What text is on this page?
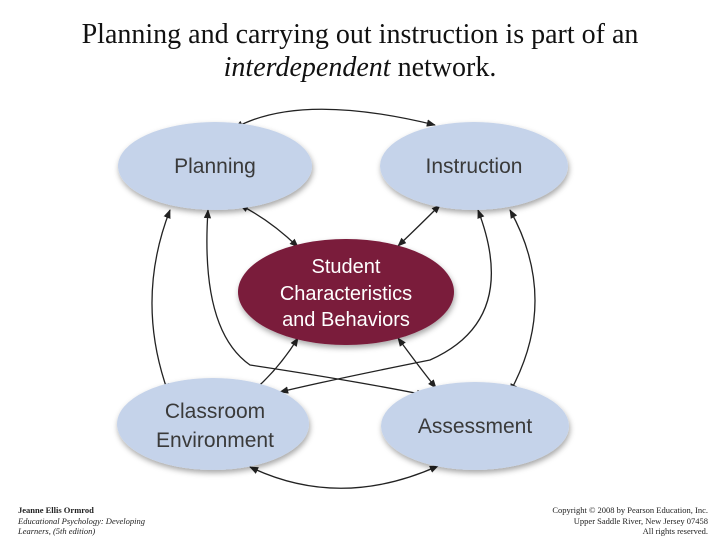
Planning and carrying out instruction is part of an
interdependent network.
Planning	Instruction
Classroom
Environment
Assessment
Student
Characteristics
and Behaviors
Jeanne Ellis Ormrod
Educational Psychology: Developing
Learners, (5th edition)
Copyright © 2008 by Pearson Education, Inc.
Upper Saddle River, New Jersey 07458
All rights reserved.
